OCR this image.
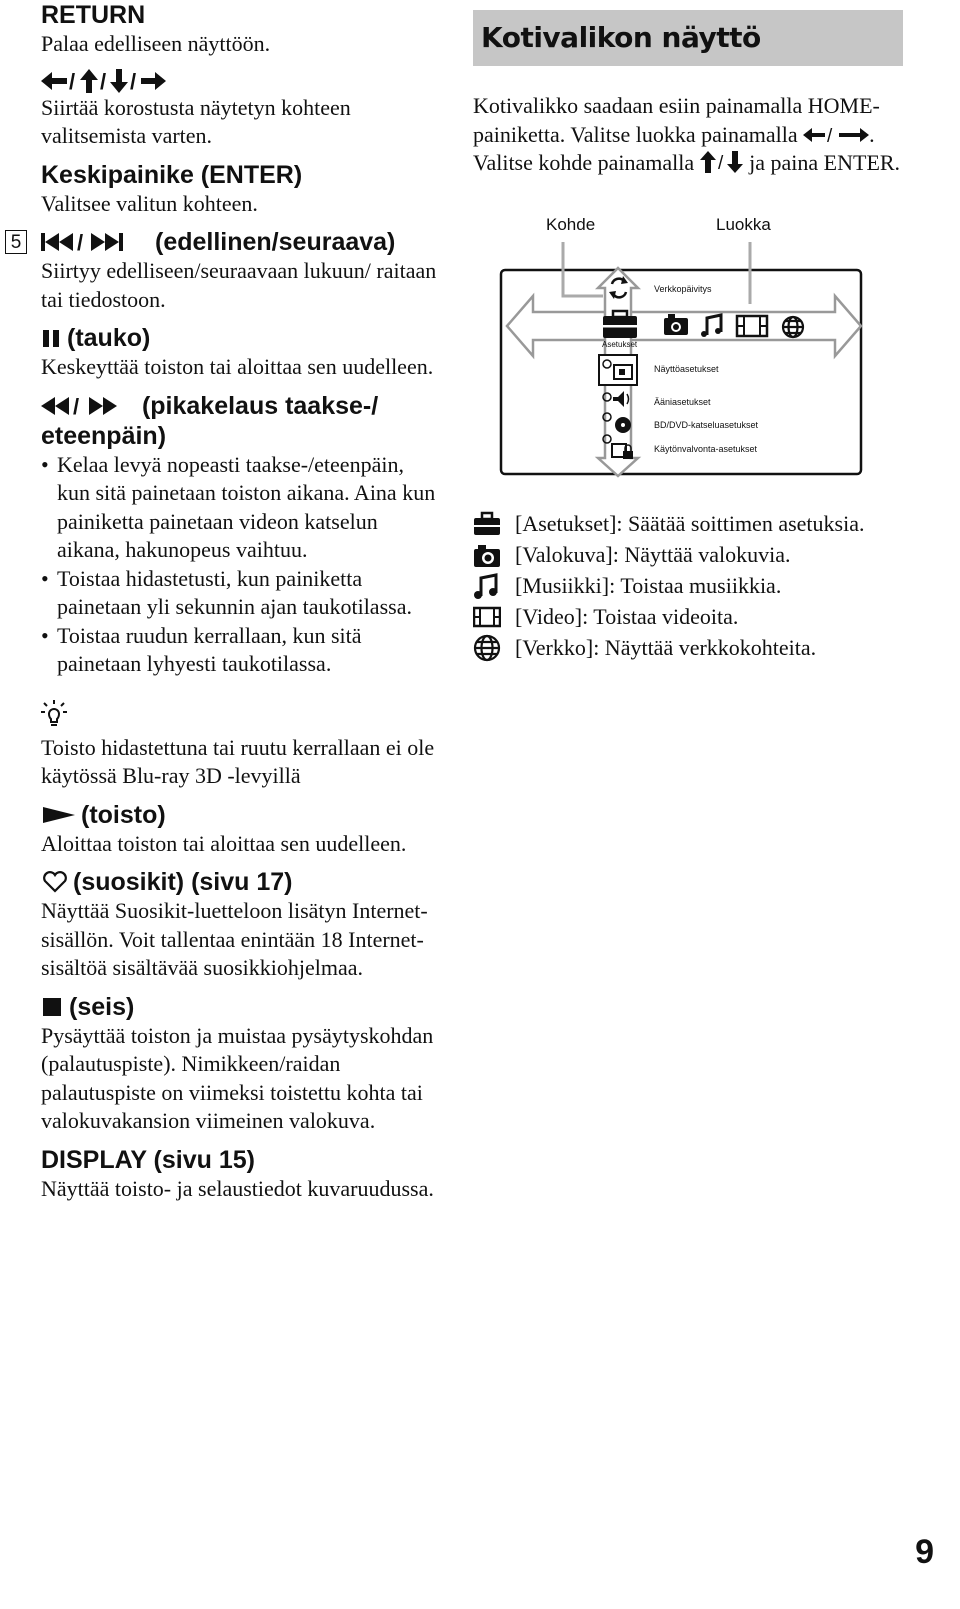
RETURN

Palaa edelliseen näyttöön.

/ / /

Siirtää korostusta näytetyn kohteen valitsemista varten.

Keskipainike (ENTER)

Valitsee valitun kohteen.

5	/	(edellinen/seuraava)

Siirtyy edelliseen/seuraavaan lukuun/ raitaan tai tiedostoon.

(tauko)

Keskeyttää toiston tai aloittaa sen uudelleen.

/	(pikakelaus taakse-/ eteenpäin)
• Kelaa levyä nopeasti taakse-/eteenpäin, kun sitä painetaan toiston aikana. Aina kun painiketta painetaan videon katselun aikana, hakunopeus vaihtuu.
• Toistaa hidastetusti, kun painiketta painetaan yli sekunnin ajan taukotilassa.
• Toistaa ruudun kerrallaan, kun sitä painetaan lyhyesti taukotilassa.

Toisto hidastettuna tai ruutu kerrallaan ei ole käytössä Blu-ray 3D -levyillä

(toisto)

Aloittaa toiston tai aloittaa sen uudelleen.

(suosikit) (sivu 17)

Näyttää Suosikit-luetteloon lisätyn Internet-sisällön. Voit tallentaa enintään 18 Internet-sisältöä sisältävää suosikkiohjelmaa.

(seis)

Pysäyttää toiston ja muistaa pysäytyskohdan (palautuspiste). Nimikkeen/raidan palautuspiste on viimeksi toistettu kohta tai valokuvakansion viimeinen valokuva.

DISPLAY (sivu 15)

Näyttää toisto- ja selaustiedot kuvaruudussa.

Kotivalikon näyttö
Kotivalikko saadaan esiin painamalla HOME-painiketta. Valitse luokka painamalla / . Valitse kohde painamalla / ja paina ENTER.
Kohde	Luokka
Verkkopäivitys
Asetukset
Näyttöasetukset
Ääniasetukset
BD/DVD-katseluasetukset
Käytönvalvonta-asetukset
[Asetukset]: Säätää soittimen asetuksia.
[Valokuva]: Näyttää valokuvia.
[Musiikki]: Toistaa musiikkia.
[Video]: Toistaa videoita.
[Verkko]: Näyttää verkkokohteita.
9
